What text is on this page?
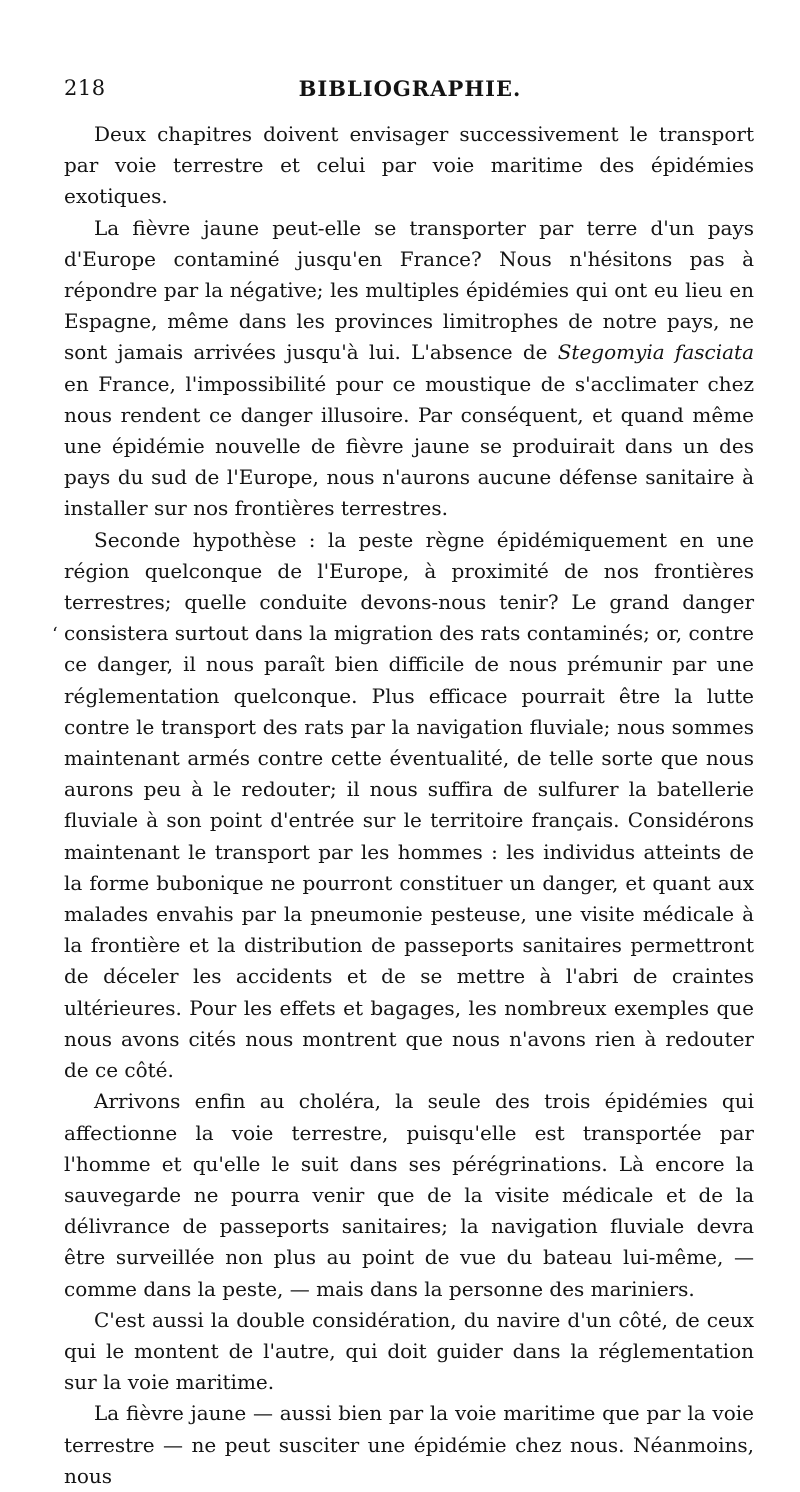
218	BIBLIOGRAPHIE.
‘

Deux chapitres doivent envisager successivement le transport par voie terrestre et celui par voie maritime des épidémies exotiques.

La fièvre jaune peut-elle se transporter par terre d'un pays d'Europe contaminé jusqu'en France? Nous n'hésitons pas à répondre par la négative; les multiples épidémies qui ont eu lieu en Espagne, même dans les provinces limitrophes de notre pays, ne sont jamais arrivées jusqu'à lui. L'absence de Stegomyia fasciata en France, l'impossibilité pour ce moustique de s'acclimater chez nous rendent ce danger illusoire. Par conséquent, et quand même une épidémie nouvelle de fièvre jaune se produirait dans un des pays du sud de l'Europe, nous n'aurons aucune défense sanitaire à installer sur nos frontières terrestres.

Seconde hypothèse : la peste règne épidémiquement en une région quelconque de l'Europe, à proximité de nos frontières terrestres; quelle conduite devons-nous tenir? Le grand danger consistera surtout dans la migration des rats contaminés; or, contre ce danger, il nous paraît bien difficile de nous prémunir par une réglementation quelconque. Plus efficace pourrait être la lutte contre le transport des rats par la navigation fluviale; nous sommes maintenant armés contre cette éventualité, de telle sorte que nous aurons peu à le redouter; il nous suffira de sulfurer la batellerie fluviale à son point d'entrée sur le territoire français. Considérons maintenant le transport par les hommes : les individus atteints de la forme bubonique ne pourront constituer un danger, et quant aux malades envahis par la pneumonie pesteuse, une visite médicale à la frontière et la distribution de passeports sanitaires permettront de déceler les accidents et de se mettre à l'abri de craintes ultérieures. Pour les effets et bagages, les nombreux exemples que nous avons cités nous montrent que nous n'avons rien à redouter de ce côté.

Arrivons enfin au choléra, la seule des trois épidémies qui affectionne la voie terrestre, puisqu'elle est transportée par l'homme et qu'elle le suit dans ses pérégrinations. Là encore la sauvegarde ne pourra venir que de la visite médicale et de la délivrance de passeports sanitaires; la navigation fluviale devra être surveillée non plus au point de vue du bateau lui-même, — comme dans la peste, — mais dans la personne des mariniers.

C'est aussi la double considération, du navire d'un côté, de ceux qui le montent de l'autre, qui doit guider dans la réglementation sur la voie maritime.

La fièvre jaune — aussi bien par la voie maritime que par la voie terrestre — ne peut susciter une épidémie chez nous. Néanmoins, nous
